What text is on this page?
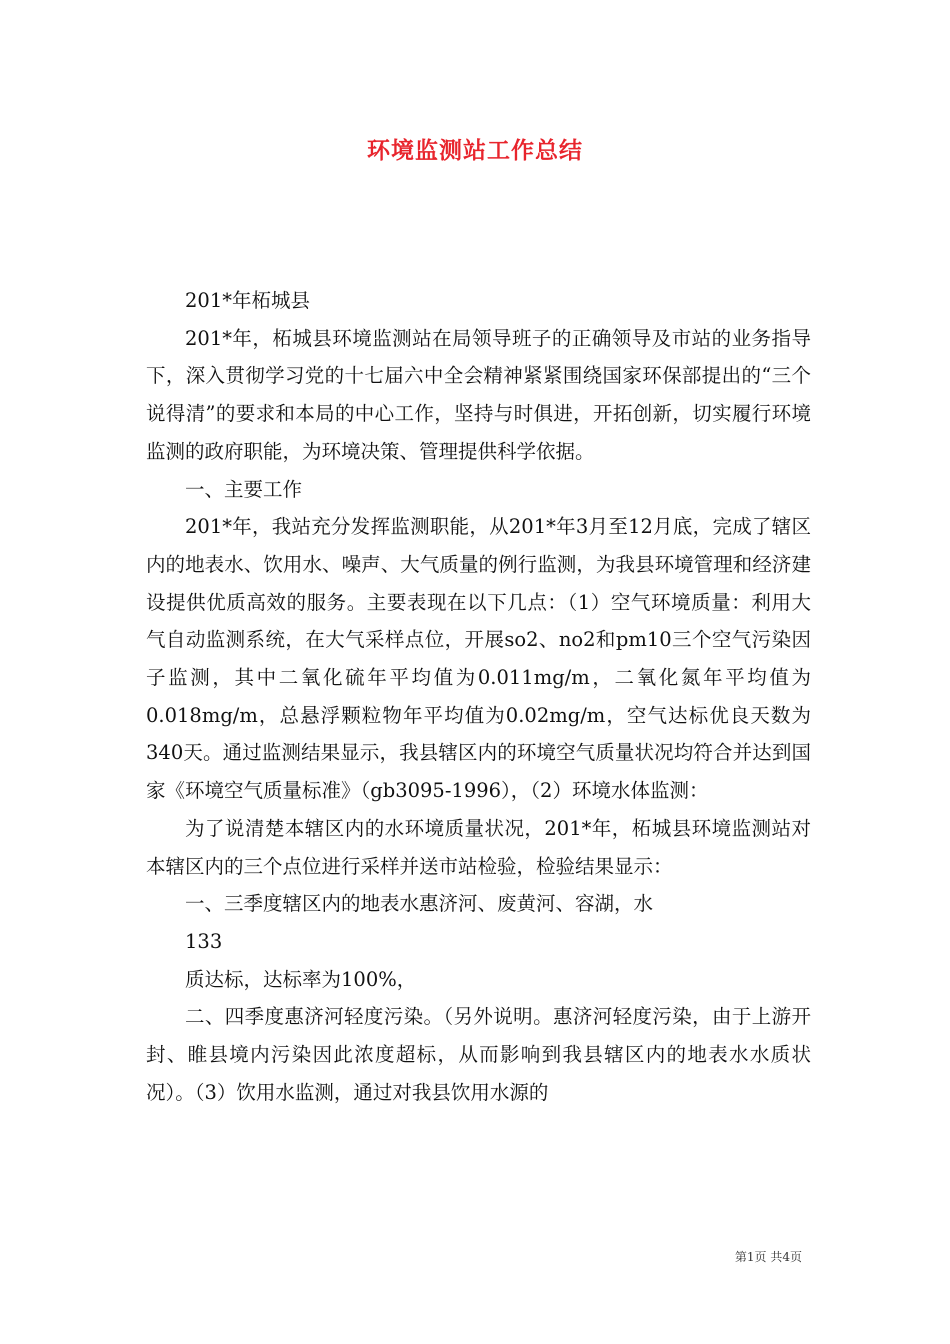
环境监测站工作总结

201*年柘城县

201*年，柘城县环境监测站在局领导班子的正确领导及市站的业务指导下，深入贯彻学习党的十七届六中全会精神紧紧围绕国家环保部提出的“三个说得清”的要求和本局的中心工作，坚持与时俱进，开拓创新，切实履行环境监测的政府职能，为环境决策、管理提供科学依据。

一、主要工作

201*年，我站充分发挥监测职能，从201*年3月至12月底，完成了辖区内的地表水、饮用水、噪声、大气质量的例行监测，为我县环境管理和经济建设提供优质高效的服务。主要表现在以下几点：（1）空气环境质量：利用大气自动监测系统，在大气采样点位，开展so2、no2和pm10三个空气污染因子监测，其中二氧化硫年平均值为0.011mg/m，二氧化氮年平均值为0.018mg/m，总悬浮颗粒物年平均值为0.02mg/m，空气达标优良天数为340天。通过监测结果显示，我县辖区内的环境空气质量状况均符合并达到国家《环境空气质量标准》（gb3095-1996），（2）环境水体监测：

为了说清楚本辖区内的水环境质量状况，201*年，柘城县环境监测站对本辖区内的三个点位进行采样并送市站检验，检验结果显示：

一、三季度辖区内的地表水惠济河、废黄河、容湖，水

133

质达标，达标率为100%，

二、四季度惠济河轻度污染。（另外说明。惠济河轻度污染，由于上游开封、睢县境内污染因此浓度超标，从而影响到我县辖区内的地表水水质状况）。（3）饮用水监测，通过对我县饮用水源的

第1页 共4页
